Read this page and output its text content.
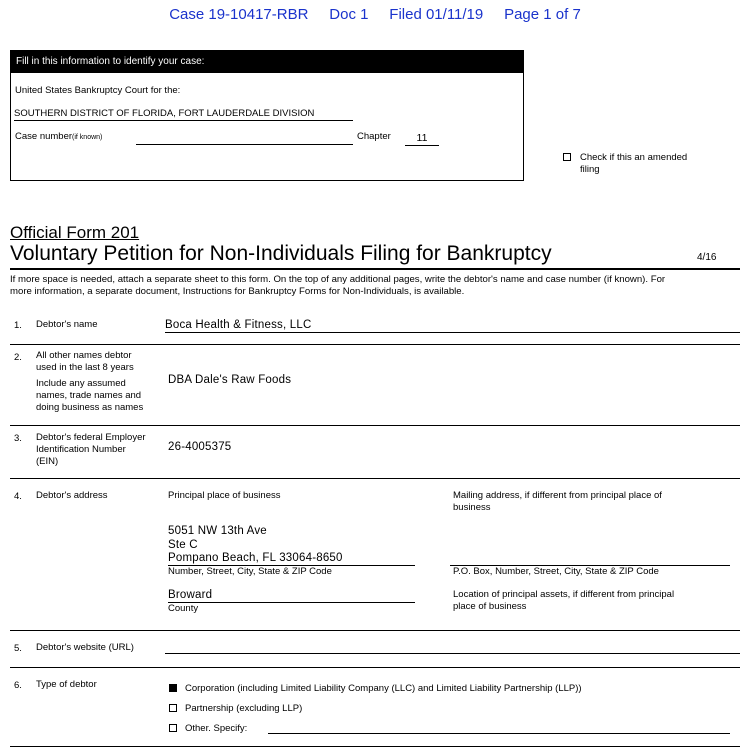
Case 19-10417-RBR     Doc 1     Filed 01/11/19     Page 1 of 7
Fill in this information to identify your case:
United States Bankruptcy Court for the:
SOUTHERN DISTRICT OF FLORIDA, FORT LAUDERDALE DIVISION
Case number(if known)	Chapter	11
Check if this an amended
filing
Official Form 201
Voluntary Petition for Non-Individuals Filing for Bankruptcy	4/16
If more space is needed, attach a separate sheet to this form. On the top of any additional pages, write the debtor's name and case number (if known). For
more information, a separate document, Instructions for Bankruptcy Forms for Non-Individuals, is available.
1. Debtor's name	Boca Health & Fitness, LLC
2. All other names debtor
used in the last 8 years
Include any assumed
names, trade names and
doing business as names
DBA Dale's Raw Foods
3. Debtor's federal Employer
Identification Number
(EIN)
26-4005375
4. Debtor's address	Principal place of business	Mailing address, if different from principal place of
business
5051 NW 13th Ave
Ste C
Pompano Beach, FL 33064-8650
Number, Street, City, State & ZIP Code	P.O. Box, Number, Street, City, State & ZIP Code
Broward
County
Location of principal assets, if different from principal
place of business
5. Debtor's website (URL)
6. Type of debtor	Corporation (including Limited Liability Company (LLC) and Limited Liability Partnership (LLP))
Partnership (excluding LLP)
Other. Specify:
